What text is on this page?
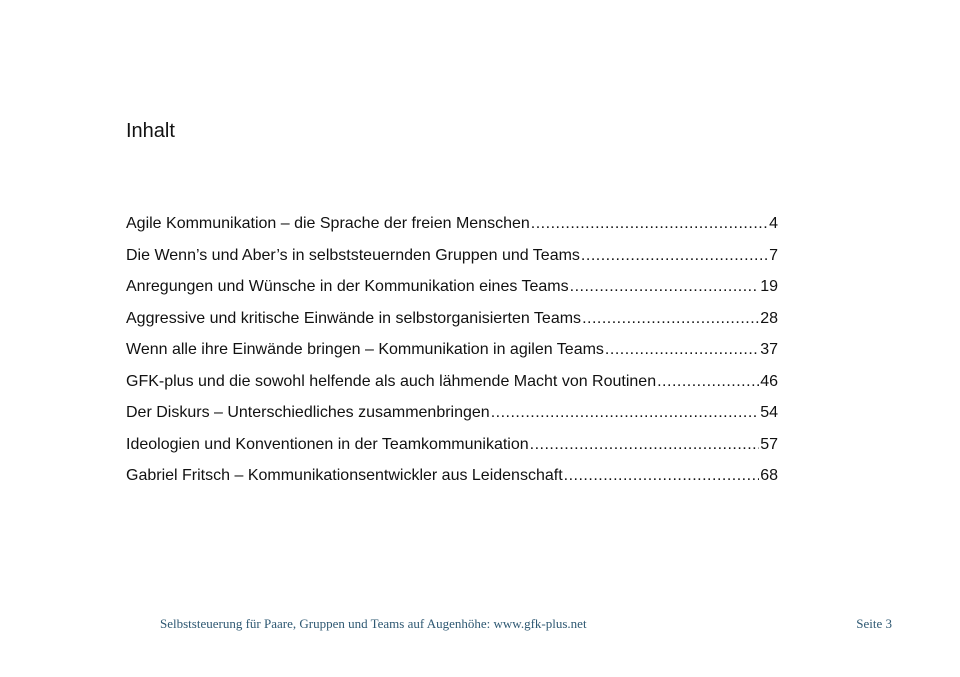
Inhalt
Agile Kommunikation – die Sprache der freien Menschen .....	4
Die Wenn’s und Aber’s in selbststeuernden Gruppen und Teams .....	7
Anregungen und Wünsche in der Kommunikation eines Teams .....	19
Aggressive und kritische Einwände in selbstorganisierten Teams .....	28
Wenn alle ihre Einwände bringen – Kommunikation in agilen Teams .....	37
GFK-plus und die sowohl helfende als auch lähmende Macht von Routinen .....	46
Der Diskurs – Unterschiedliches zusammenbringen .....	54
Ideologien und Konventionen in der Teamkommunikation .....	57
Gabriel Fritsch – Kommunikationsentwickler aus Leidenschaft .....	68
Selbststeuerung für Paare, Gruppen und Teams auf Augenhöhe: www.gfk-plus.net	Seite 3
